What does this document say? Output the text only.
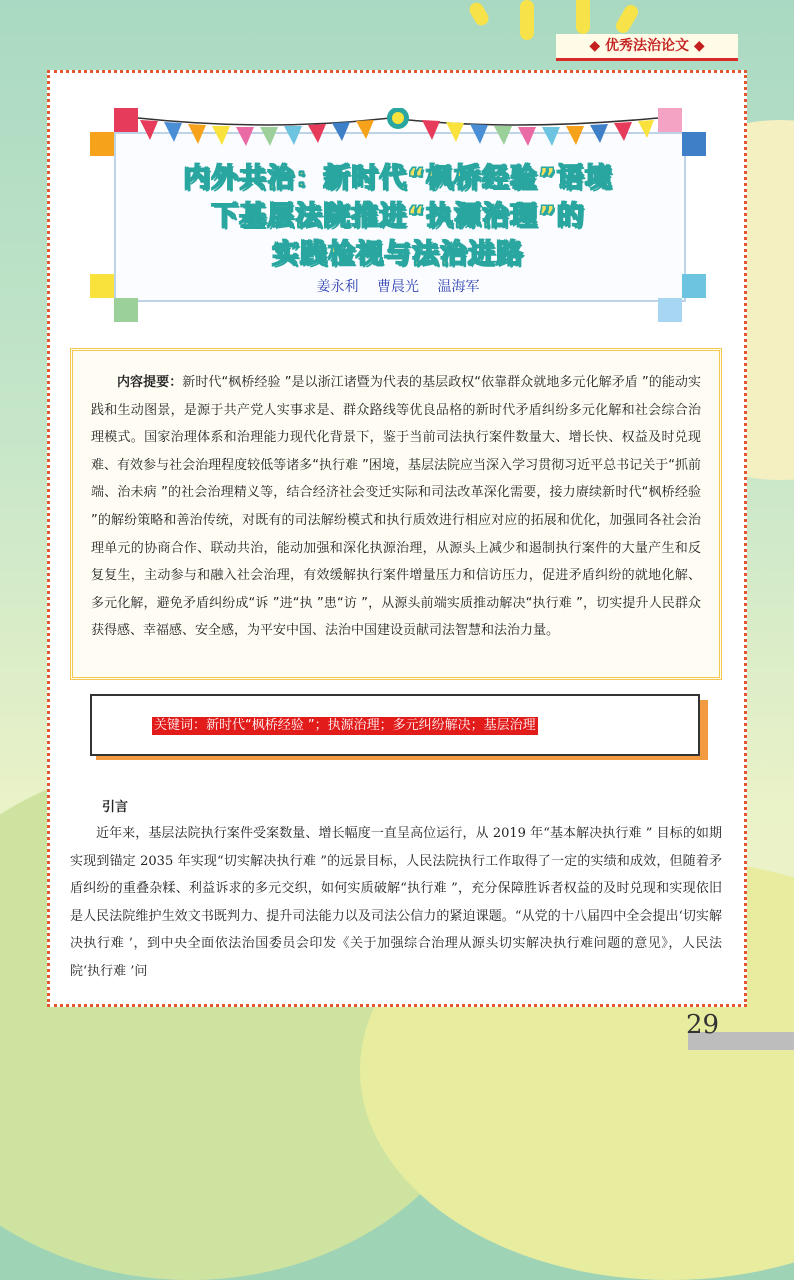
◆ 优秀法治论文 ◆
内外共治：新时代“枫桥经验”语境
下基层法院推进“执源治理”的
实践检视与法治进路
姜永利 曹晨光 温海军
内容提要：新时代“枫桥经验 ”是以浙江诸暨为代表的基层政权“依靠群众就地多元化解矛盾 ”的能动实践和生动图景，是源于共产党人实事求是、群众路线等优良品格的新时代矛盾纠纷多元化解和社会综合治理模式。国家治理体系和治理能力现代化背景下，鉴于当前司法执行案件数量大、增长快、权益及时兑现难、有效参与社会治理程度较低等诸多“执行难 ”困境，基层法院应当深入学习贯彻习近平总书记关于“抓前端、治未病 ”的社会治理精义等，结合经济社会变迁实际和司法改革深化需要，接力赓续新时代“枫桥经验 ”的解纷策略和善治传统，对既有的司法解纷模式和执行质效进行相应对应的拓展和优化，加强同各社会治理单元的协商合作、联动共治，能动加强和深化执源治理，从源头上减少和遏制执行案件的大量产生和反复复生，主动参与和融入社会治理，有效缓解执行案件增量压力和信访压力，促进矛盾纠纷的就地化解、多元化解，避免矛盾纠纷成“诉 ”进“执 ”患“访 ”，从源头前端实质推动解决“执行难 ”，切实提升人民群众获得感、幸福感、安全感，为平安中国、法治中国建设贡献司法智慧和法治力量。
关键词：新时代“枫桥经验 ”；执源治理；多元纠纷解决；基层治理
引言
近年来，基层法院执行案件受案数量、增长幅度一直呈高位运行，从 2019 年“基本解决执行难 ” 目标的如期实现到锚定 2035 年实现“切实解决执行难 ”的远景目标，人民法院执行工作取得了一定的实绩和成效，但随着矛盾纠纷的重叠杂糅、利益诉求的多元交织，如何实质破解“执行难 ”，充分保障胜诉者权益的及时兑现和实现依旧是人民法院维护生效文书既判力、提升司法能力以及司法公信力的紧迫课题。“从党的十八届四中全会提出‘切实解决执行难 ’，到中央全面依法治国委员会印发《关于加强综合治理从源头切实解决执行难问题的意见》，人民法院‘执行难 ’问
29
